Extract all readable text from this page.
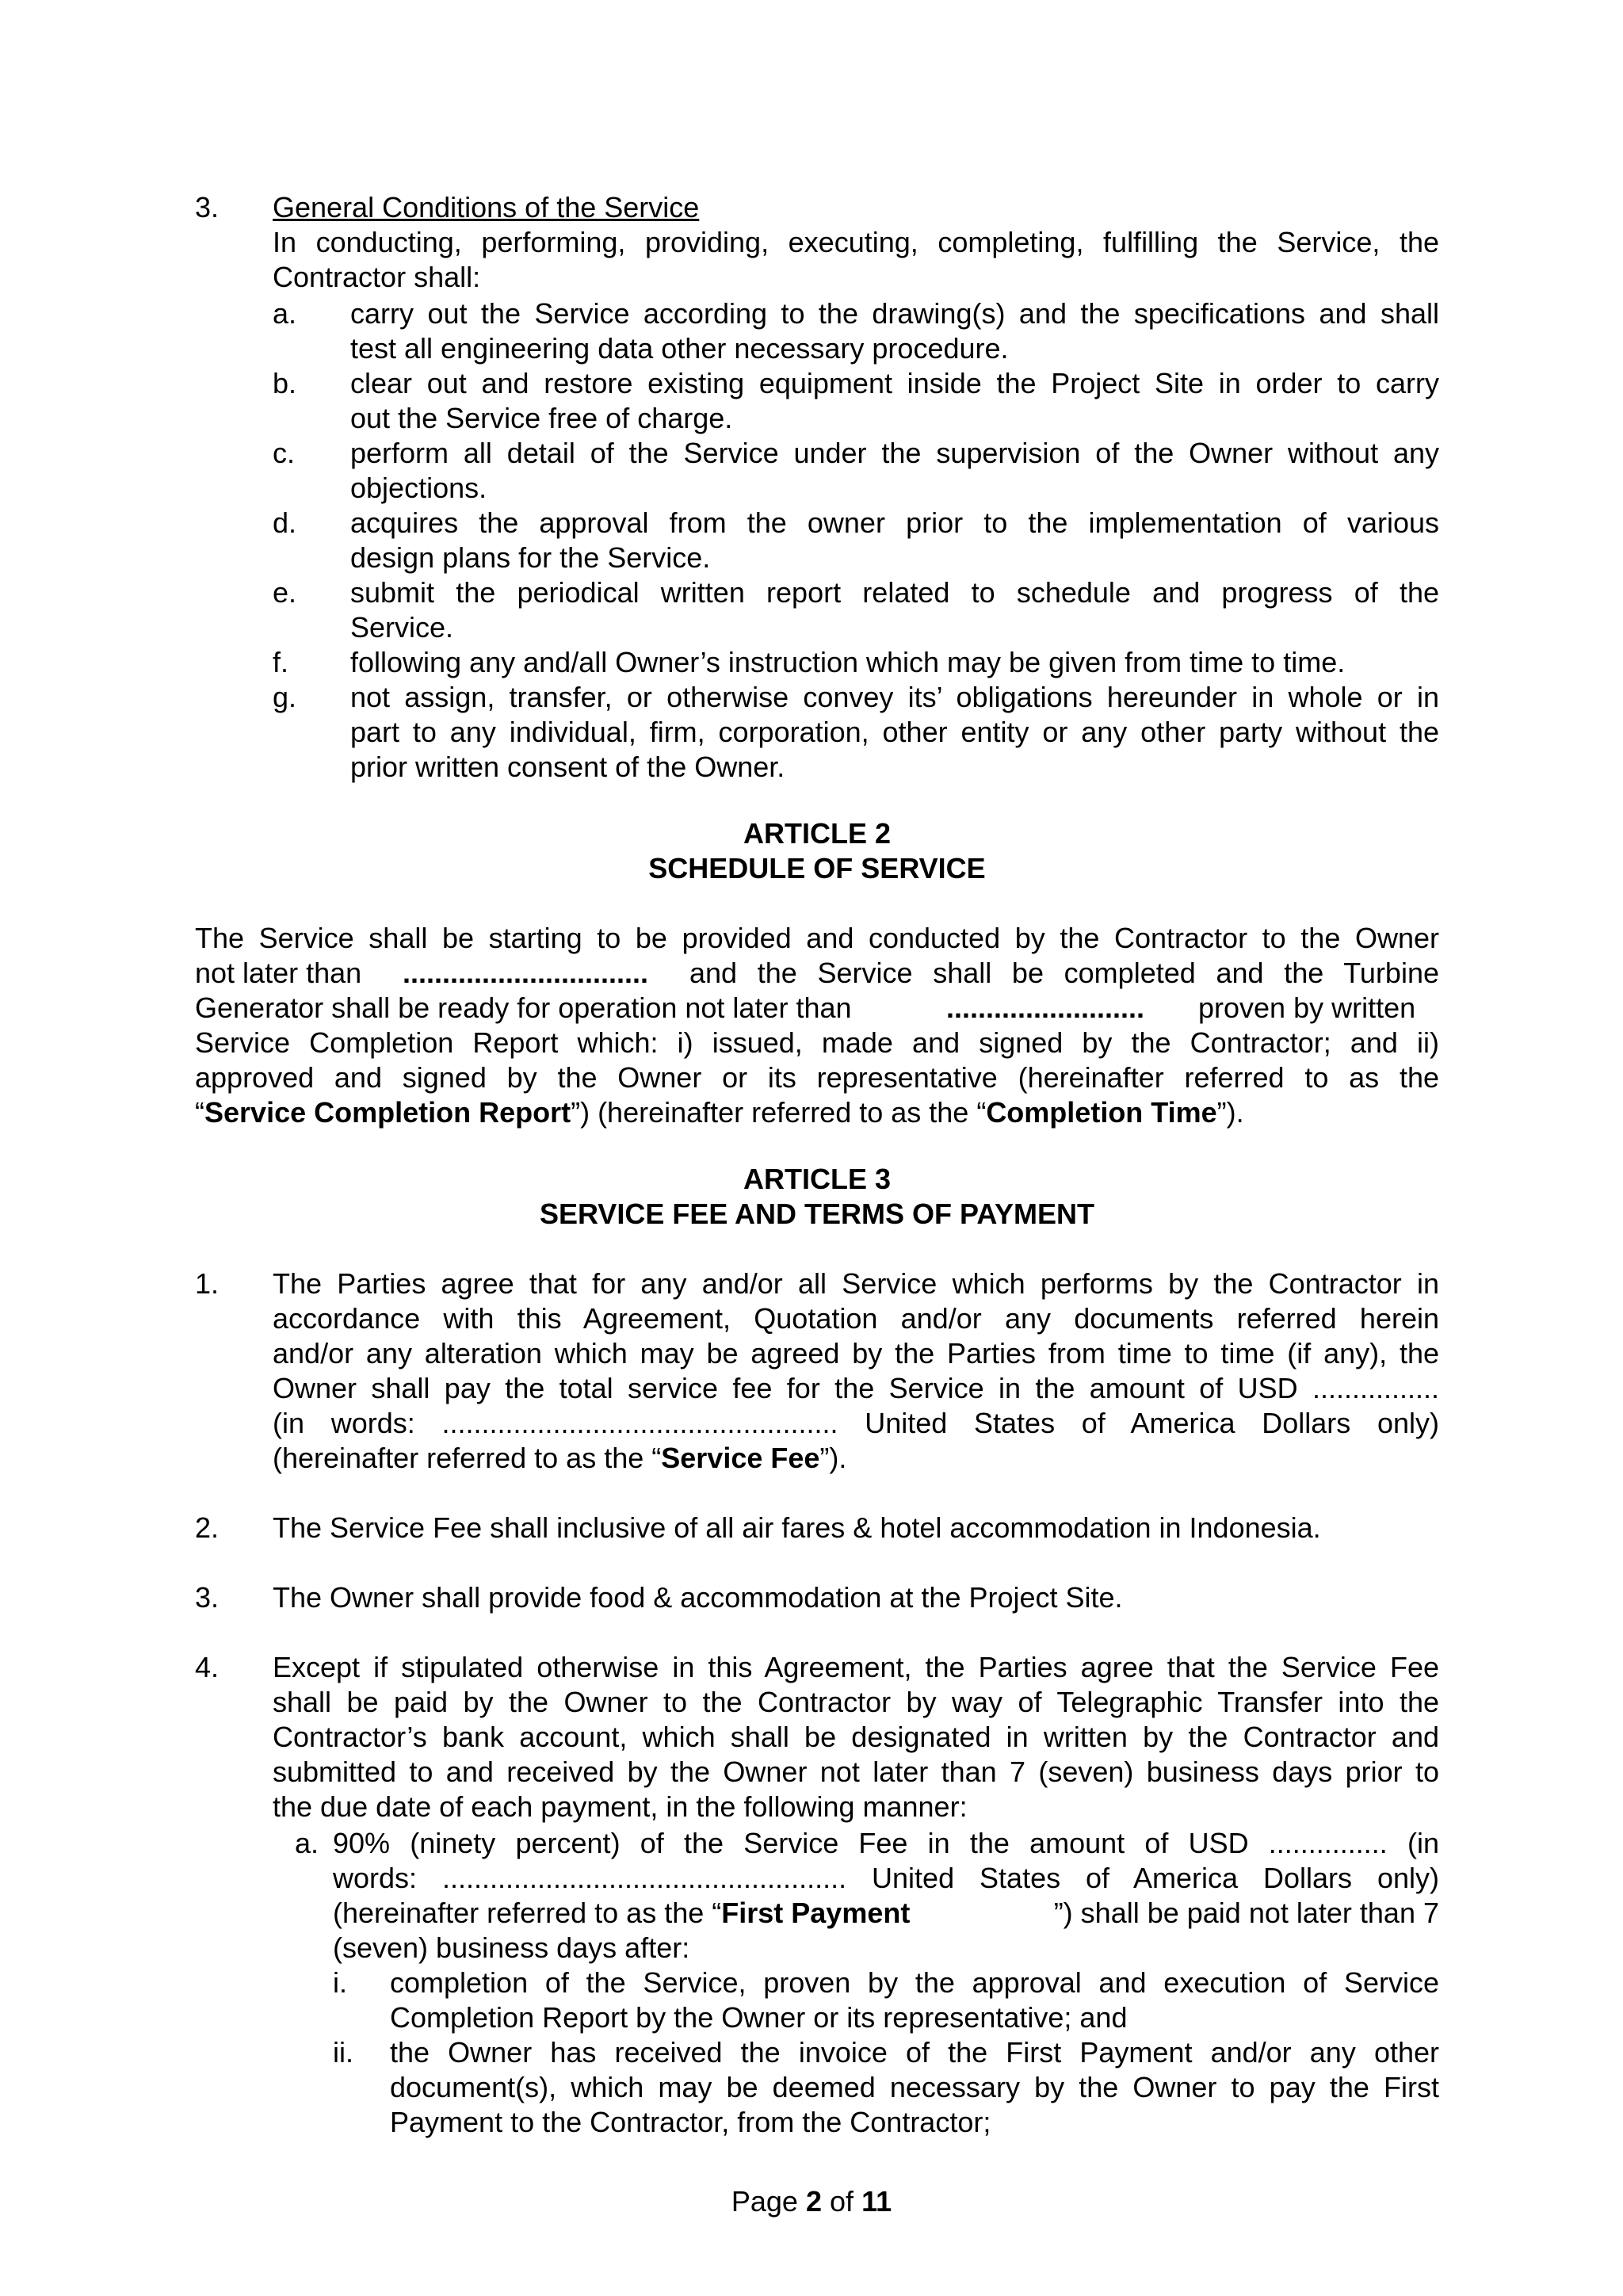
3. General Conditions of the Service
In conducting, performing, providing, executing, completing, fulfilling the Service, the
Contractor shall:
a. carry out the Service according to the drawing(s) and the specifications and shall
test all engineering data other necessary procedure.
b. clear out and restore existing equipment inside the Project Site in order to carry
out the Service free of charge.
c. perform all detail of the Service under the supervision of the Owner without any
objections.
d. acquires the approval from the owner prior to the implementation of various
design plans for the Service.
e. submit the periodical written report related to schedule and progress of the
Service.
f. following any and/all Owner’s instruction which may be given from time to time.
g. not assign, transfer, or otherwise convey its’ obligations hereunder in whole or in
part to any individual, firm, corporation, other entity or any other party without the
prior written consent of the Owner.
ARTICLE 2
SCHEDULE OF SERVICE
The Service shall be starting to be provided and conducted by the Contractor to the Owner
not later than ............................... and the Service shall be completed and the Turbine
Generator shall be ready for operation not later than	......................... proven by written
Service Completion Report which: i) issued, made and signed by the Contractor; and ii)
approved and signed by the Owner or its representative (hereinafter referred to as the
“Service Completion Report”) (hereinafter referred to as the “Completion Time”).
ARTICLE 3
SERVICE FEE AND TERMS OF PAYMENT
1. The Parties agree that for any and/or all Service which performs by the Contractor in
accordance with this Agreement, Quotation and/or any documents referred herein
and/or any alteration which may be agreed by the Parties from time to time (if any), the
Owner shall pay the total service fee for the Service in the amount of USD ................
(in words: .................................................. United States of America Dollars only)
(hereinafter referred to as the “Service Fee”).
2. The Service Fee shall inclusive of all air fares & hotel accommodation in Indonesia.
3. The Owner shall provide food & accommodation at the Project Site.
4. Except if stipulated otherwise in this Agreement, the Parties agree that the Service Fee
shall be paid by the Owner to the Contractor by way of Telegraphic Transfer into the
Contractor’s bank account, which shall be designated in written by the Contractor and
submitted to and received by the Owner not later than 7 (seven) business days prior to
the due date of each payment, in the following manner:
a. 90% (ninety percent) of the Service Fee in the amount of USD ............... (in
words: ................................................... United States of America Dollars only)
(hereinafter referred to as the “First Payment	”) shall be paid not later than 7
(seven) business days after:
i. completion of the Service, proven by the approval and execution of Service
Completion Report by the Owner or its representative; and
ii. the Owner has received the invoice of the First Payment and/or any other
document(s), which may be deemed necessary by the Owner to pay the First
Payment to the Contractor, from the Contractor;
Page 2 of 11
